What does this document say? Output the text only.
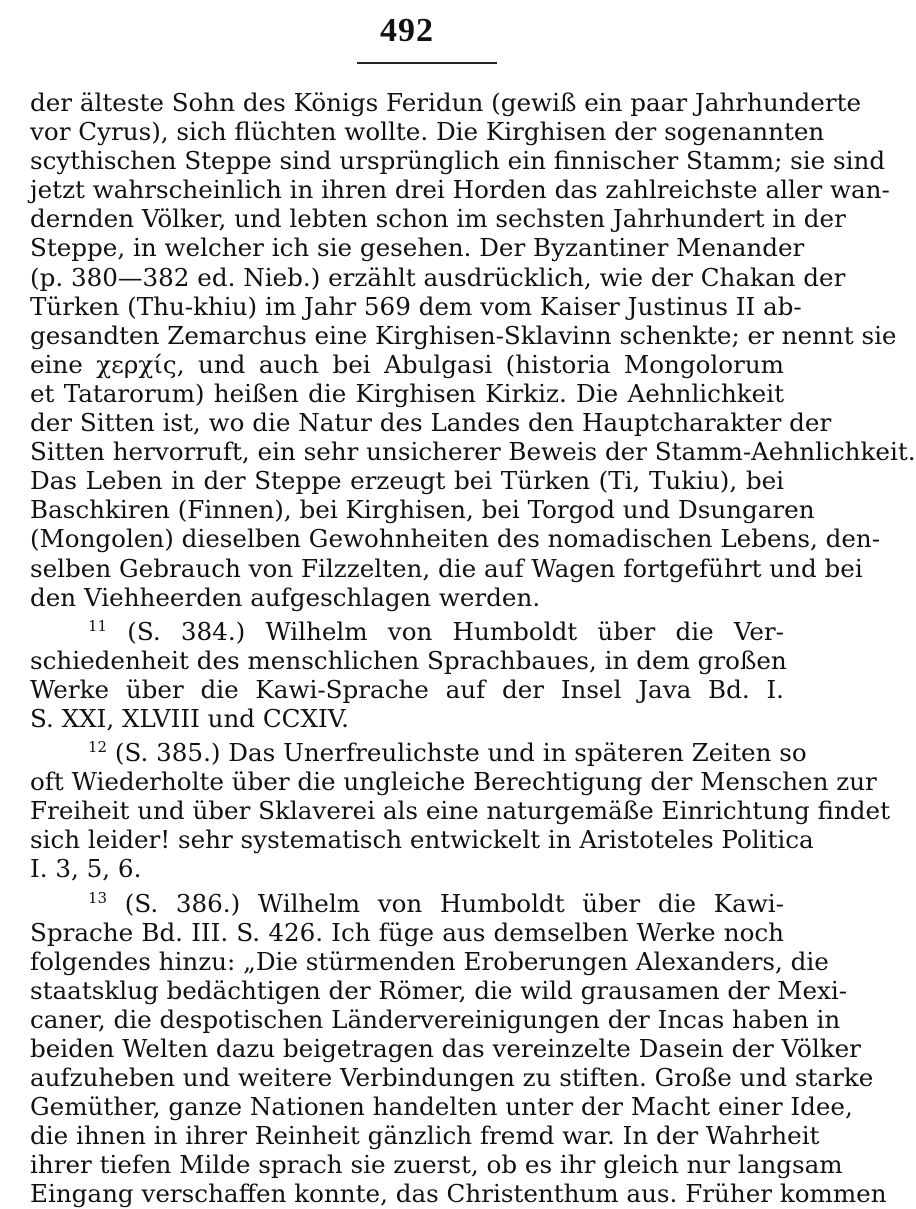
492
der älteste Sohn des Königs Feridun (gewiß ein paar Jahrhunderte
vor Cyrus), sich flüchten wollte. Die Kirghisen der sogenannten
scythischen Steppe sind ursprünglich ein finnischer Stamm; sie sind
jetzt wahrscheinlich in ihren drei Horden das zahlreichste aller wan-
dernden Völker, und lebten schon im sechsten Jahrhundert in der
Steppe, in welcher ich sie gesehen. Der Byzantiner Menander
(p. 380—382 ed. Nieb.) erzählt ausdrücklich, wie der Chakan der
Türken (Thu-khiu) im Jahr 569 dem vom Kaiser Justinus II ab-
gesandten Zemarchus eine Kirghisen-Sklavinn schenkte; er nennt sie
eine χερχίς, und auch bei Abulgasi (historia Mongolorum
et Tatarorum) heißen die Kirghisen Kirkiz. Die Aehnlichkeit
der Sitten ist, wo die Natur des Landes den Hauptcharakter der
Sitten hervorruft, ein sehr unsicherer Beweis der Stamm-Aehnlichkeit.
Das Leben in der Steppe erzeugt bei Türken (Ti, Tukiu), bei
Baschkiren (Finnen), bei Kirghisen, bei Torgod und Dsungaren
(Mongolen) dieselben Gewohnheiten des nomadischen Lebens, den-
selben Gebrauch von Filzzelten, die auf Wagen fortgeführt und bei
den Viehheerden aufgeschlagen werden.
$^{11}$ (S. 384.) Wilhelm von Humboldt über die Ver-
schiedenheit des menschlichen Sprachbaues, in dem großen
Werke über die Kawi-Sprache auf der Insel Java Bd. I.
S. XXI, XLVIII und CCXIV.
$^{12}$ (S. 385.) Das Unerfreulichste und in späteren Zeiten so
oft Wiederholte über die ungleiche Berechtigung der Menschen zur
Freiheit und über Sklaverei als eine naturgemäße Einrichtung findet
sich leider! sehr systematisch entwickelt in Aristoteles Politica
I. 3, 5, 6.
$^{13}$ (S. 386.) Wilhelm von Humboldt über die Kawi-
Sprache Bd. III. S. 426. Ich füge aus demselben Werke noch
folgendes hinzu: „Die stürmenden Eroberungen Alexanders, die
staatsklug bedächtigen der Römer, die wild grausamen der Mexi-
caner, die despotischen Ländervereinigungen der Incas haben in
beiden Welten dazu beigetragen das vereinzelte Dasein der Völker
aufzuheben und weitere Verbindungen zu stiften. Große und starke
Gemüther, ganze Nationen handelten unter der Macht einer Idee,
die ihnen in ihrer Reinheit gänzlich fremd war. In der Wahrheit
ihrer tiefen Milde sprach sie zuerst, ob es ihr gleich nur langsam
Eingang verschaffen konnte, das Christenthum aus. Früher kommen
